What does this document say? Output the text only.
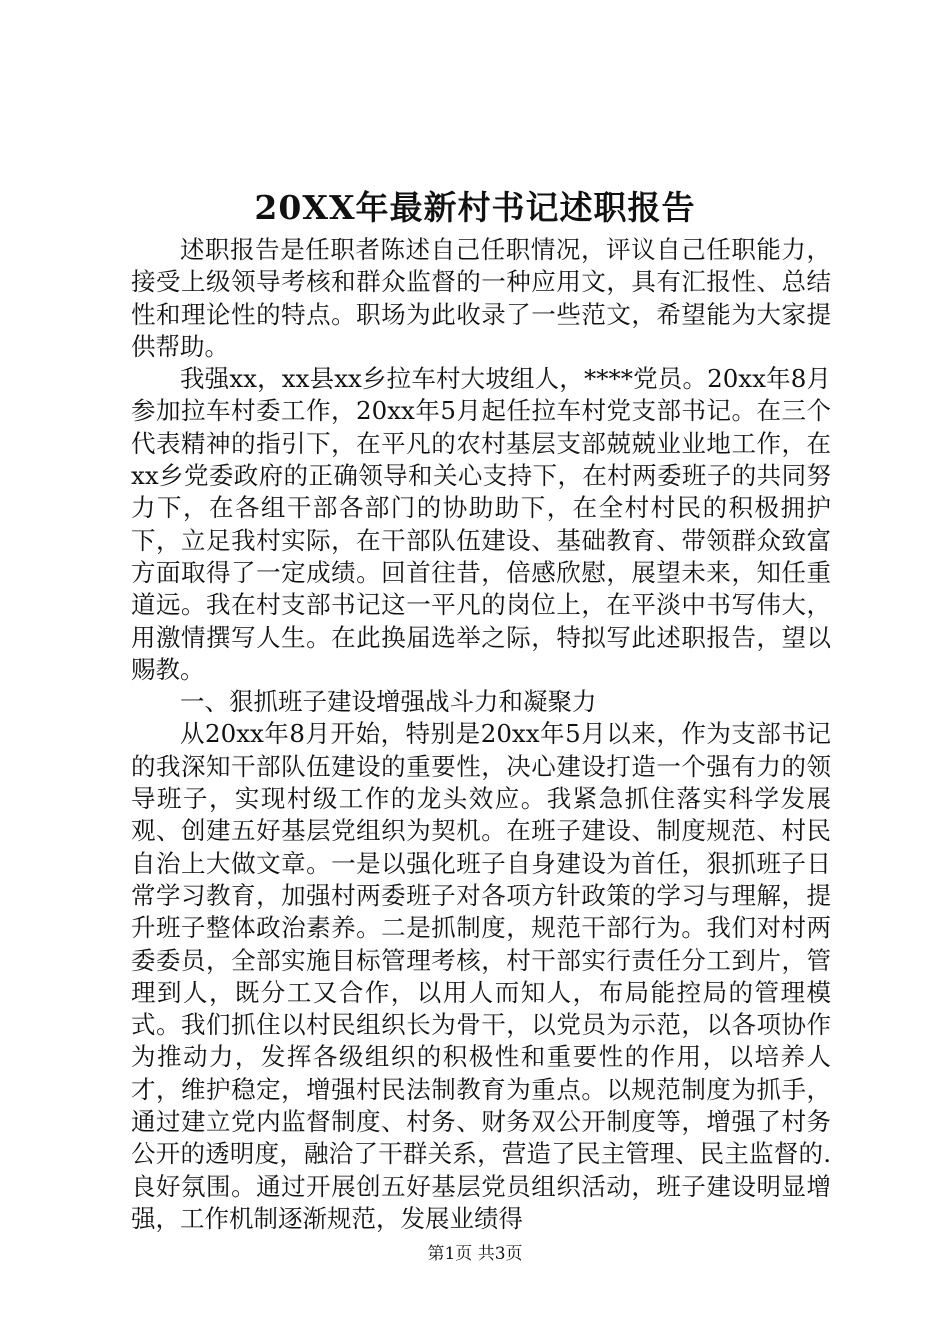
20XX年最新村书记述职报告

述职报告是任职者陈述自己任职情况，评议自己任职能力，接受上级领导考核和群众监督的一种应用文，具有汇报性、总结性和理论性的特点。职场为此收录了一些范文，希望能为大家提供帮助。

我强xx，xx县xx乡拉车村大坡组人，****党员。20xx年8月参加拉车村委工作，20xx年5月起任拉车村党支部书记。在三个代表精神的指引下，在平凡的农村基层支部兢兢业业地工作，在xx乡党委政府的正确领导和关心支持下，在村两委班子的共同努力下，在各组干部各部门的协助助下，在全村村民的积极拥护下，立足我村实际，在干部队伍建设、基础教育、带领群众致富方面取得了一定成绩。回首往昔，倍感欣慰，展望未来，知任重道远。我在村支部书记这一平凡的岗位上，在平淡中书写伟大，用激情撰写人生。在此换届选举之际，特拟写此述职报告，望以赐教。

一、狠抓班子建设增强战斗力和凝聚力

从20xx年8月开始，特别是20xx年5月以来，作为支部书记的我深知干部队伍建设的重要性，决心建设打造一个强有力的领导班子，实现村级工作的龙头效应。我紧急抓住落实科学发展观、创建五好基层党组织为契机。在班子建设、制度规范、村民自治上大做文章。一是以强化班子自身建设为首任，狠抓班子日常学习教育，加强村两委班子对各项方针政策的学习与理解，提升班子整体政治素养。二是抓制度，规范干部行为。我们对村两委委员，全部实施目标管理考核，村干部实行责任分工到片，管理到人，既分工又合作，以用人而知人，布局能控局的管理模式。我们抓住以村民组织长为骨干，以党员为示范，以各项协作为推动力，发挥各级组织的积极性和重要性的作用，以培养人才，维护稳定，增强村民法制教育为重点。以规范制度为抓手，通过建立党内监督制度、村务、财务双公开制度等，增强了村务公开的透明度，融洽了干群关系，营造了民主管理、民主监督的.良好氛围。通过开展创五好基层党员组织活动，班子建设明显增强，工作机制逐渐规范，发展业绩得

第1页 共3页
